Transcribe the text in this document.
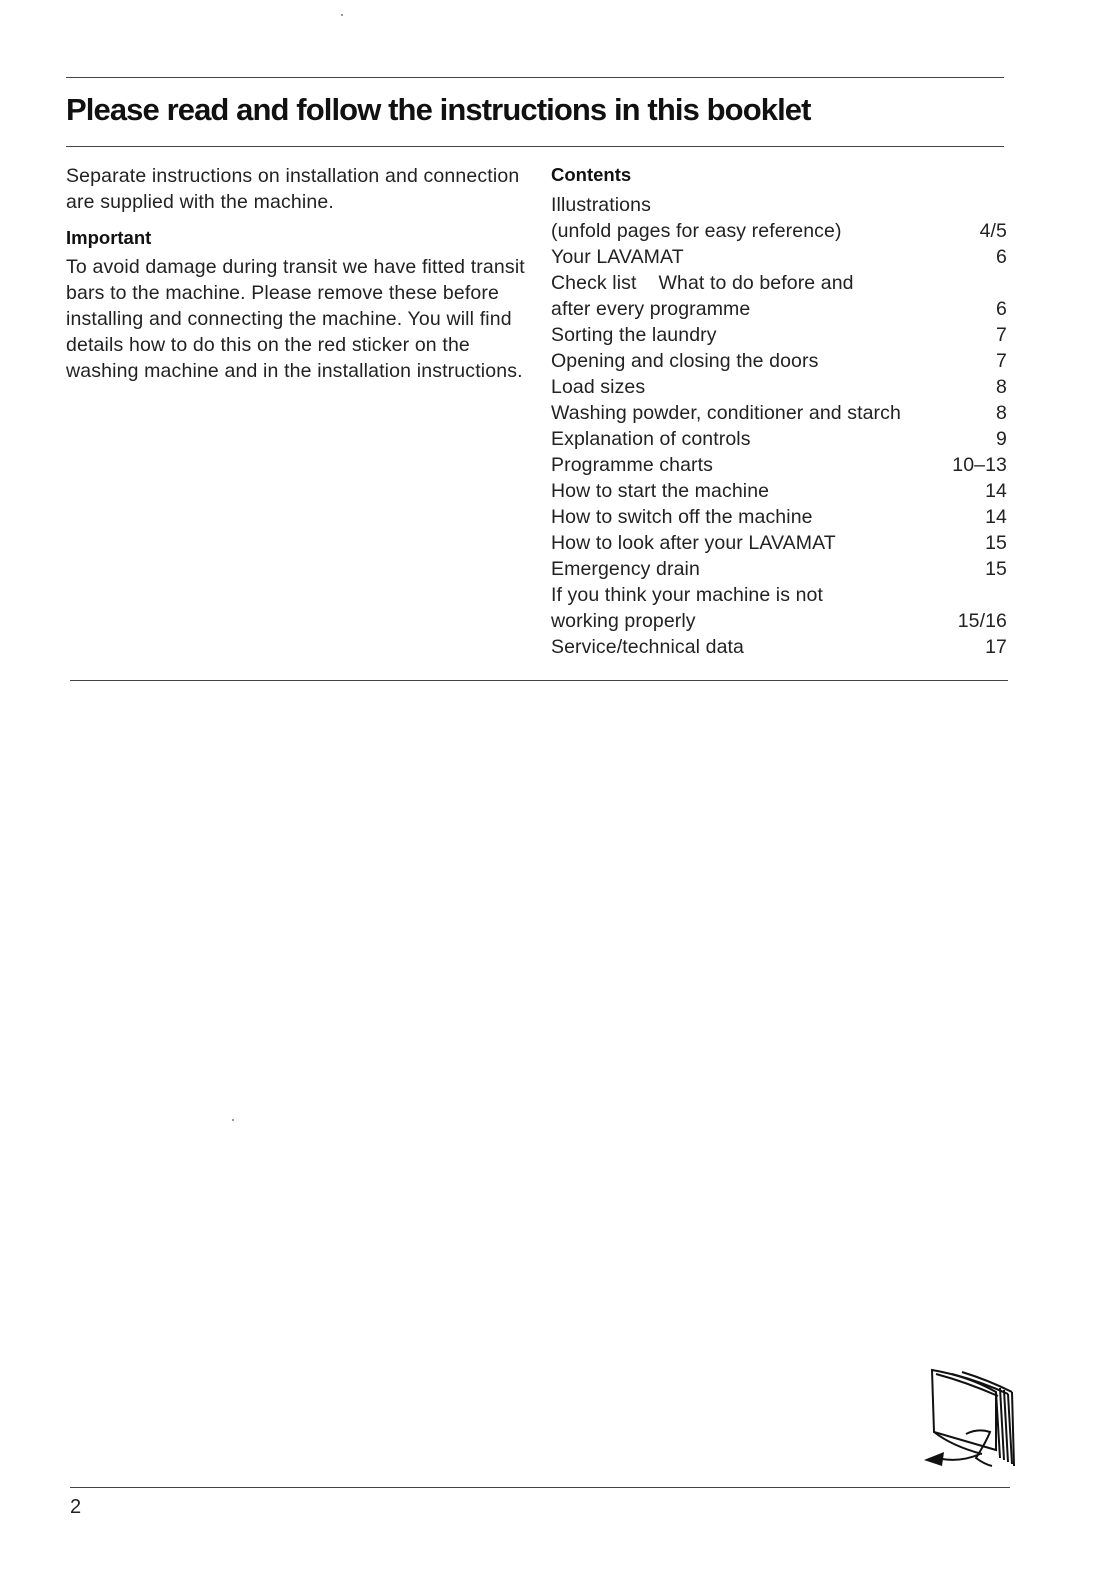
Please read and follow the instructions in this booklet

Separate instructions on installation and connection are supplied with the machine.

Important

To avoid damage during transit we have fitted transit bars to the machine. Please remove these before installing and connecting the machine. You will find details how to do this on the red sticker on the washing machine and in the installation instructions.

Contents
Illustrations
(unfold pages for easy reference)	4/5
Your LAVAMAT	6
Check list What to do before and
after every programme	6
Sorting the laundry	7
Opening and closing the doors	7
Load sizes	8
Washing powder, conditioner and starch	8
Explanation of controls	9
Programme charts	10–13
How to start the machine	14
How to switch off the machine	14
How to look after your LAVAMAT	15
Emergency drain	15
If you think your machine is not
working properly	15/16
Service/technical data	17
2
